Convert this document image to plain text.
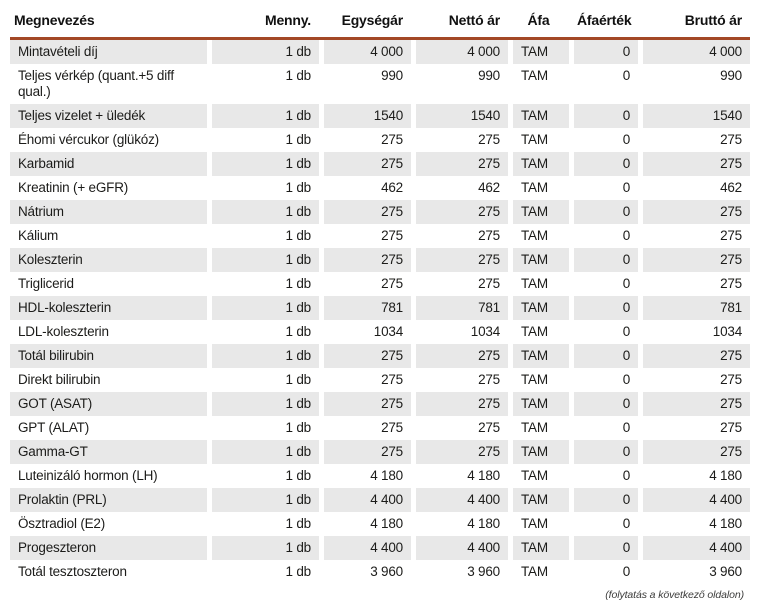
Megnevezés	Menny.	Egységár	Nettó ár	Áfa	Áfaérték	Bruttó ár
Mintavételi díj	1 db	4 000	4 000	TAM	0	4 000
Teljes vérkép (quant.+5 diff qual.)	1 db	990	990	TAM	0	990
Teljes vizelet + üledék	1 db	1540	1540	TAM	0	1540
Éhomi vércukor (glükóz)	1 db	275	275	TAM	0	275
Karbamid	1 db	275	275	TAM	0	275
Kreatinin (+ eGFR)	1 db	462	462	TAM	0	462
Nátrium	1 db	275	275	TAM	0	275
Kálium	1 db	275	275	TAM	0	275
Koleszterin	1 db	275	275	TAM	0	275
Triglicerid	1 db	275	275	TAM	0	275
HDL-koleszterin	1 db	781	781	TAM	0	781
LDL-koleszterin	1 db	1034	1034	TAM	0	1034
Totál bilirubin	1 db	275	275	TAM	0	275
Direkt bilirubin	1 db	275	275	TAM	0	275
GOT (ASAT)	1 db	275	275	TAM	0	275
GPT (ALAT)	1 db	275	275	TAM	0	275
Gamma-GT	1 db	275	275	TAM	0	275
Luteinizáló hormon (LH)	1 db	4 180	4 180	TAM	0	4 180
Prolaktin (PRL)	1 db	4 400	4 400	TAM	0	4 400
Ösztradiol (E2)	1 db	4 180	4 180	TAM	0	4 180
Progeszteron	1 db	4 400	4 400	TAM	0	4 400
Totál tesztoszteron	1 db	3 960	3 960	TAM	0	3 960
(folytatás a következő oldalon)
